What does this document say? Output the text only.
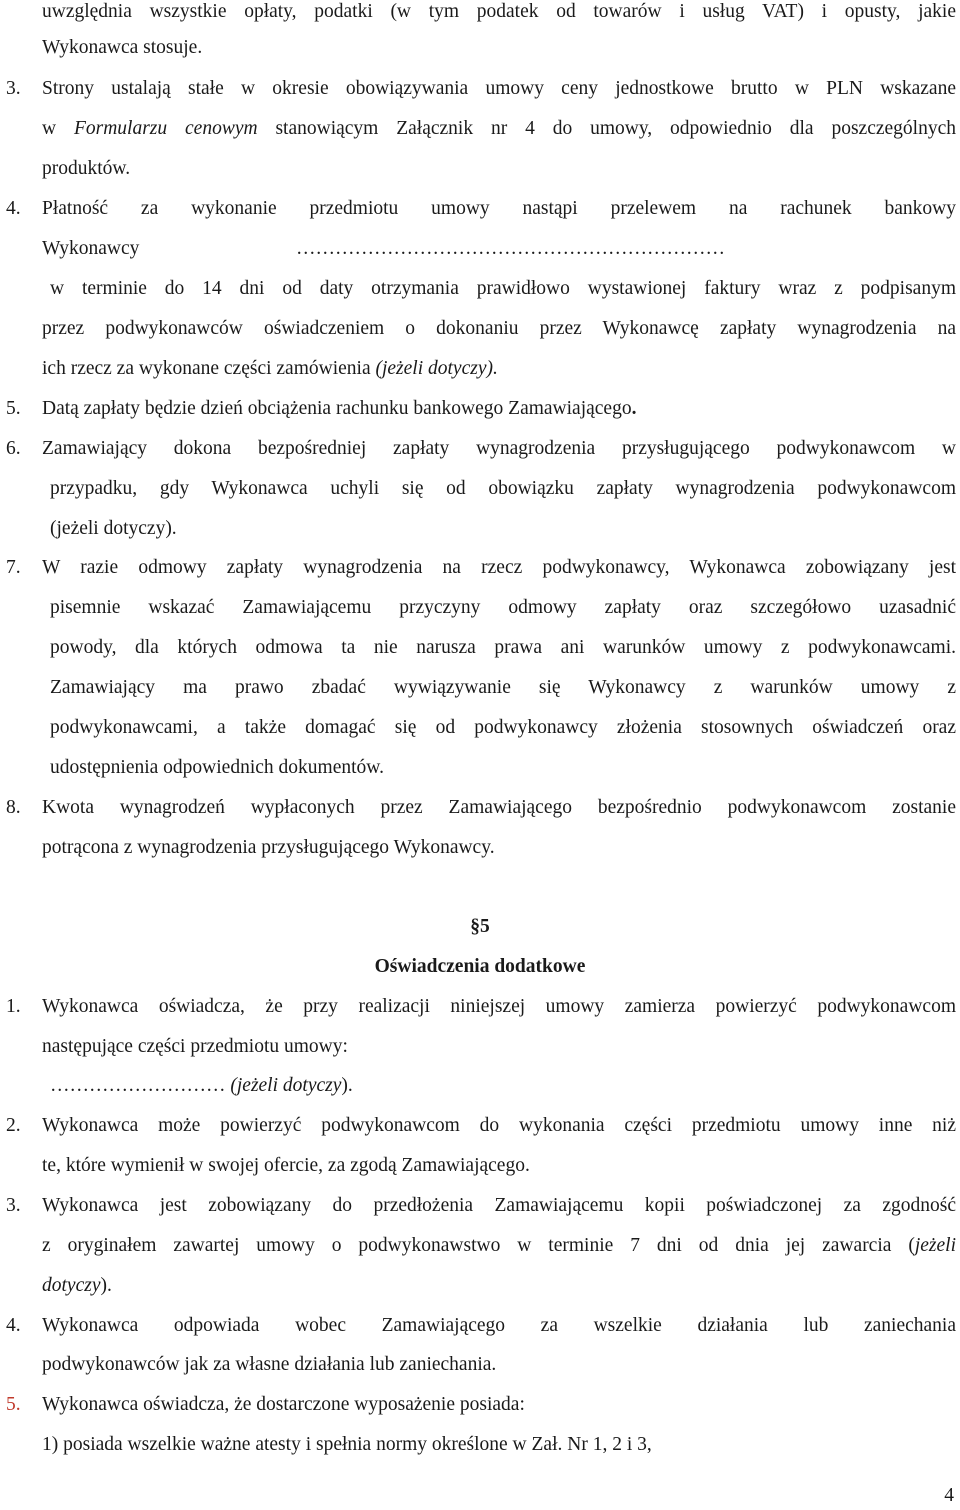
uwzględnia wszystkie opłaty, podatki (w tym podatek od towarów i usług VAT) i opusty, jakie
Wykonawca stosuje.
3. Strony ustalają stałe w okresie obowiązywania umowy ceny jednostkowe brutto w PLN wskazane
w Formularzu cenowym stanowiącym Załącznik nr 4 do umowy, odpowiednio dla poszczególnych
produktów.
4. Płatność za wykonanie przedmiotu umowy nastąpi przelewem na rachunek bankowy
Wykonawcy	…………………………………………………………
w terminie do 14 dni od daty otrzymania prawidłowo wystawionej faktury wraz z podpisanym
przez podwykonawców oświadczeniem o dokonaniu przez Wykonawcę zapłaty wynagrodzenia na
ich rzecz za wykonane części zamówienia (jeżeli dotyczy).
5. Datą zapłaty będzie dzień obciążenia rachunku bankowego Zamawiającego.
6. Zamawiający dokona bezpośredniej zapłaty wynagrodzenia przysługującego podwykonawcom w
przypadku, gdy Wykonawca uchyli się od obowiązku zapłaty wynagrodzenia podwykonawcom
(jeżeli dotyczy).
7. W razie odmowy zapłaty wynagrodzenia na rzecz podwykonawcy, Wykonawca zobowiązany jest
pisemnie wskazać Zamawiającemu przyczyny odmowy zapłaty oraz szczegółowo uzasadnić
powody, dla których odmowa ta nie narusza prawa ani warunków umowy z podwykonawcami.
Zamawiający ma prawo zbadać wywiązywanie się Wykonawcy z warunków umowy z
podwykonawcami, a także domagać się od podwykonawcy złożenia stosownych oświadczeń oraz
udostępnienia odpowiednich dokumentów.
8. Kwota wynagrodzeń wypłaconych przez Zamawiającego bezpośrednio podwykonawcom zostanie
potrącona z wynagrodzenia przysługującego Wykonawcy.
§5
Oświadczenia dodatkowe
1. Wykonawca oświadcza, że przy realizacji niniejszej umowy zamierza powierzyć podwykonawcom
następujące części przedmiotu umowy:
……………………… (jeżeli dotyczy).
2. Wykonawca może powierzyć podwykonawcom do wykonania części przedmiotu umowy inne niż
te, które wymienił w swojej ofercie, za zgodą Zamawiającego.
3. Wykonawca jest zobowiązany do przedłożenia Zamawiającemu kopii poświadczonej za zgodność
z oryginałem zawartej umowy o podwykonawstwo w terminie 7 dni od dnia jej zawarcia (jeżeli
dotyczy).
4. Wykonawca odpowiada wobec Zamawiającego za wszelkie działania lub zaniechania
podwykonawców jak za własne działania lub zaniechania.
5. Wykonawca oświadcza, że dostarczone wyposażenie posiada:
1) posiada wszelkie ważne atesty i spełnia normy określone w Zał. Nr 1, 2 i 3,
4
